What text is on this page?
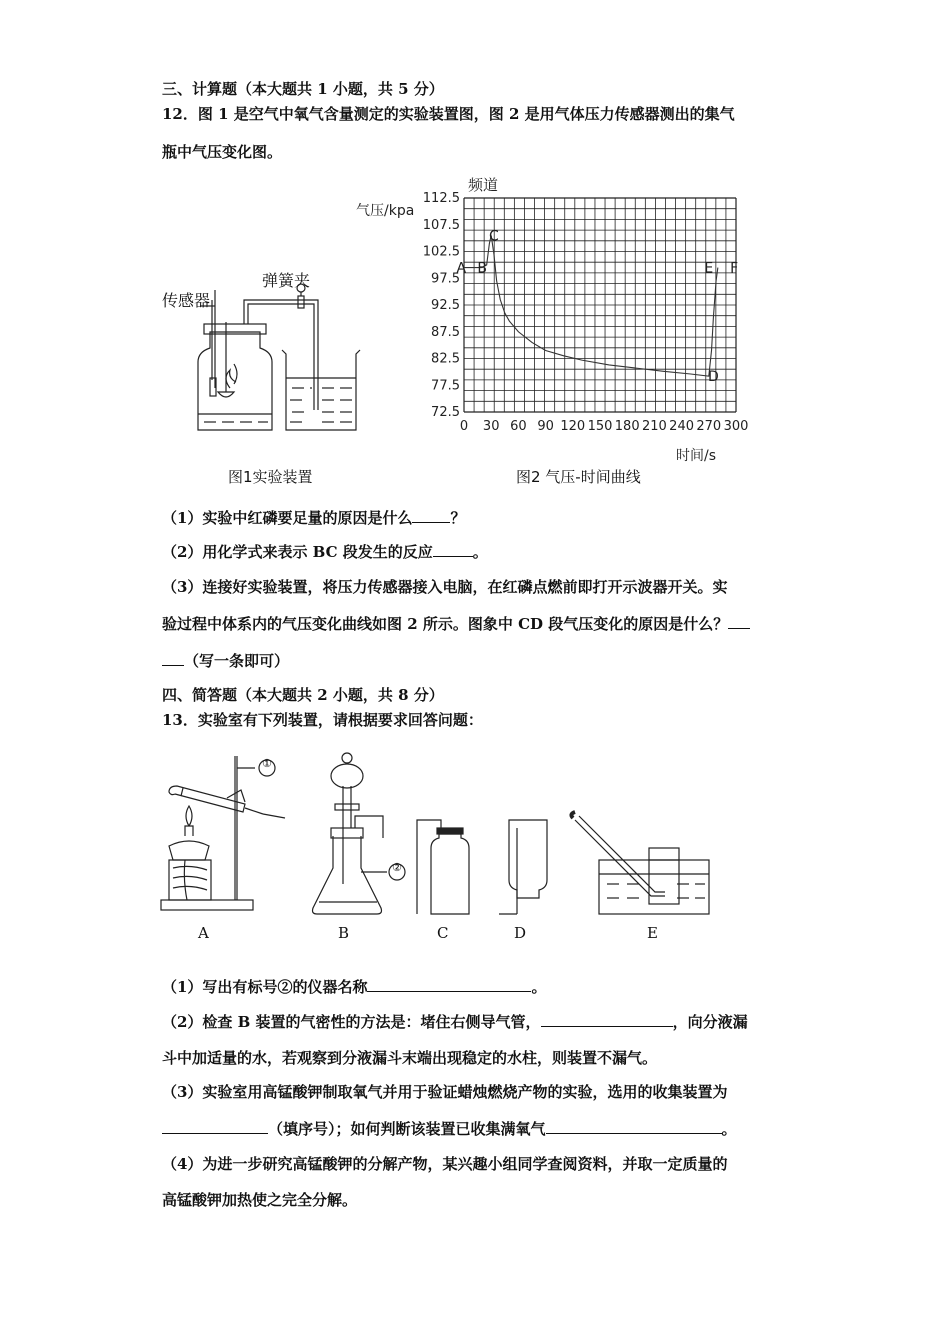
三、计算题（本大题共 1 小题，共 5 分）
12．图 1 是空气中氧气含量测定的实验装置图，图 2 是用气体压力传感器测出的集气
瓶中气压变化图。
传感器
弹簧夹
图1实验装置
72.5
77.5
82.5
87.5
92.5
97.5
102.5
107.5
112.5
0 30 60 90 120 150 180 210 240 270 300
A B
C
D
E F
频道
气压/kpa
时间/s
图2 气压-时间曲线
（1）实验中红磷要足量的原因是什么	？
（2）用化学式来表示 BC 段发生的反应	。
（3）连接好实验装置，将压力传感器接入电脑，在红磷点燃前即打开示波器开关。实
验过程中体系内的气压变化曲线如图 2 所示。图象中 CD 段气压变化的原因是什么？
（写一条即可）
四、简答题（本大题共 2 小题，共 8 分）
13．实验室有下列装置，请根据要求回答问题：
A	B	C	D	E
①
②
（1）写出有标号②的仪器名称	。
（2）检查 B 装置的气密性的方法是：堵住右侧导气管，	，向分液漏
斗中加适量的水，若观察到分液漏斗末端出现稳定的水柱，则装置不漏气。
（3）实验室用高锰酸钾制取氧气并用于验证蜡烛燃烧产物的实验，选用的收集装置为
（填序号）；如何判断该装置已收集满氧气	。
（4）为进一步研究高锰酸钾的分解产物，某兴趣小组同学查阅资料，并取一定质量的
高锰酸钾加热使之完全分解。
